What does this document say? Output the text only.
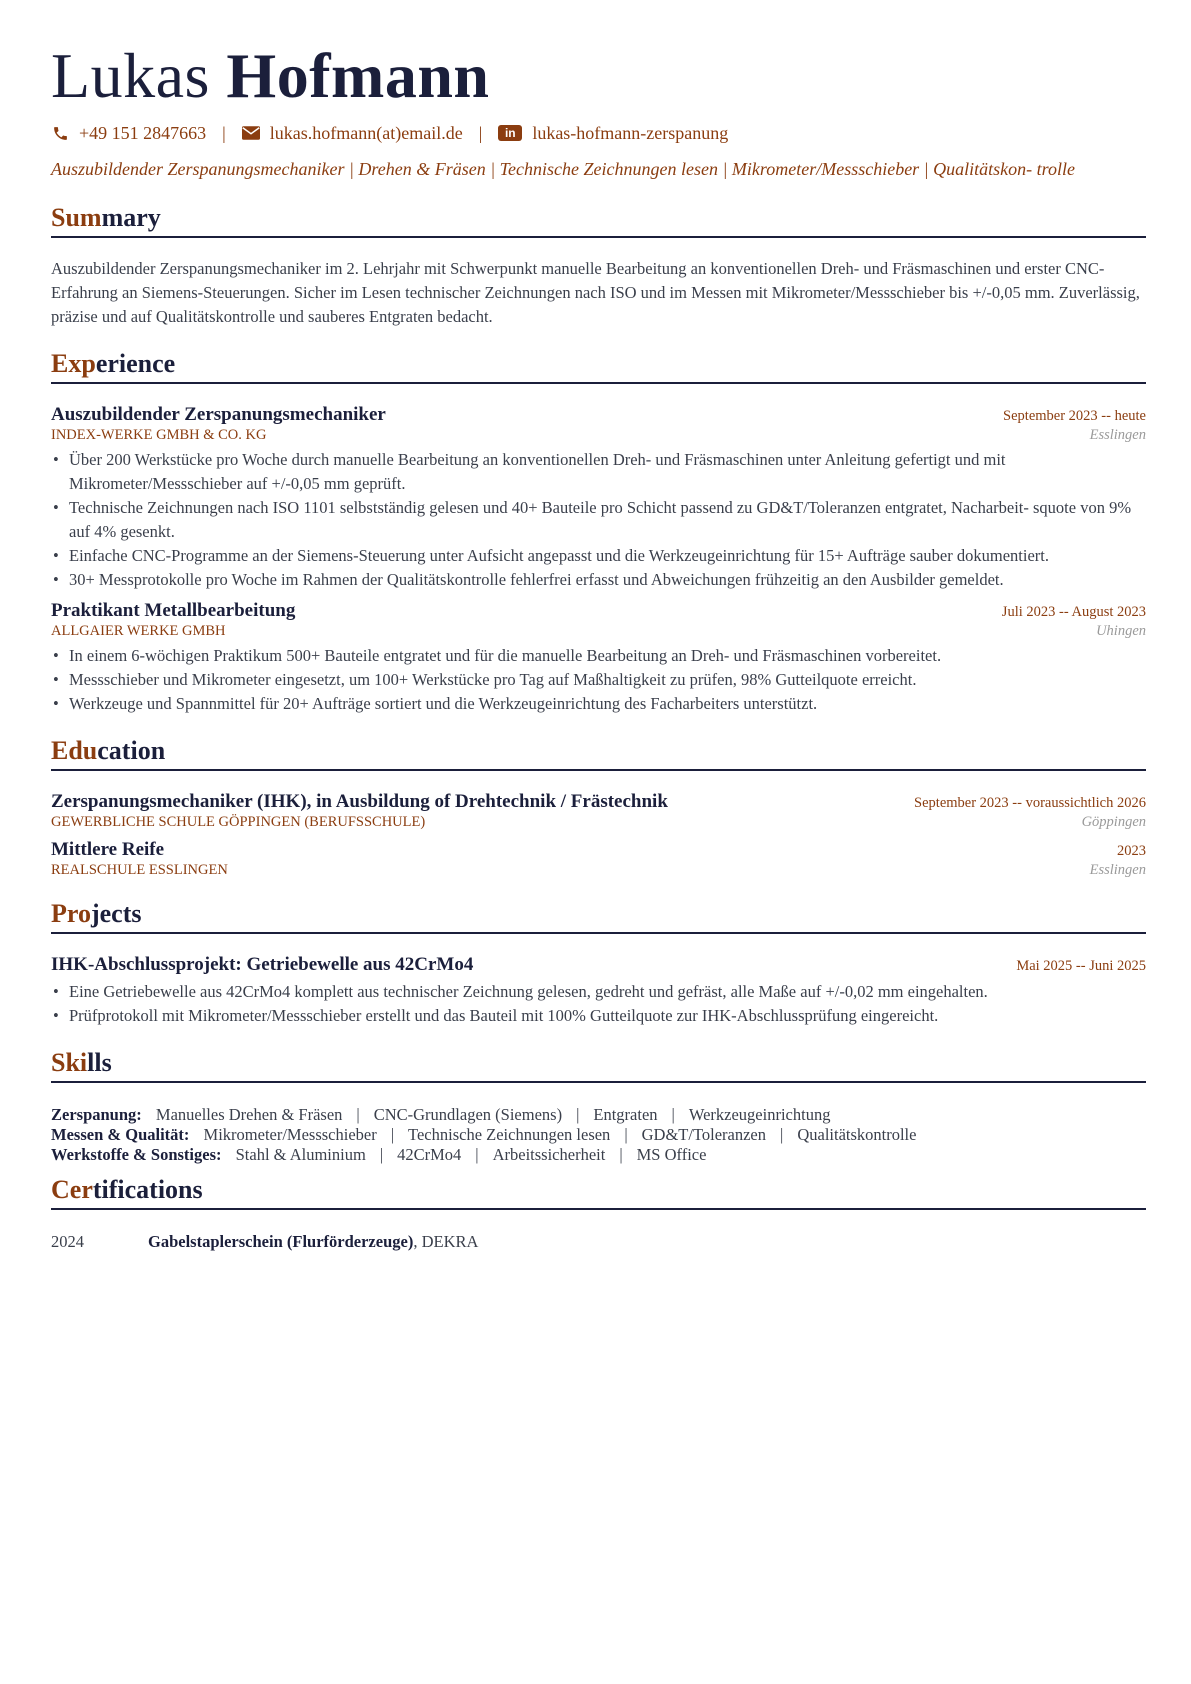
Lukas Hofmann
+49 151 2847663 | lukas.hofmann(at)email.de |	in lukas-hofmann-zerspanung
Auszubildender Zerspanungsmechaniker | Drehen & Fräsen | Technische Zeichnungen lesen | Mikrometer/Messschieber | Qualitätskon- trolle
Summary
Auszubildender Zerspanungsmechaniker im 2. Lehrjahr mit Schwerpunkt manuelle Bearbeitung an konventionellen Dreh- und Fräsmaschinen und erster CNC-Erfahrung an Siemens-Steuerungen. Sicher im Lesen technischer Zeichnungen nach ISO und im Messen mit Mikrometer/Messschieber bis +/-0,05 mm. Zuverlässig, präzise und auf Qualitätskontrolle und sauberes Entgraten bedacht.
Experience
Auszubildender Zerspanungsmechaniker	September 2023 -- heute
INDEX-WERKE GMBH & CO. KG	Esslingen
• Über 200 Werkstücke pro Woche durch manuelle Bearbeitung an konventionellen Dreh- und Fräsmaschinen unter Anleitung gefertigt und mit Mikrometer/Messschieber auf +/-0,05 mm geprüft.
• Technische Zeichnungen nach ISO 1101 selbstständig gelesen und 40+ Bauteile pro Schicht passend zu GD&T/Toleranzen entgratet, Nacharbeit- squote von 9% auf 4% gesenkt.
• Einfache CNC-Programme an der Siemens-Steuerung unter Aufsicht angepasst und die Werkzeugeinrichtung für 15+ Aufträge sauber dokumentiert.
• 30+ Messprotokolle pro Woche im Rahmen der Qualitätskontrolle fehlerfrei erfasst und Abweichungen frühzeitig an den Ausbilder gemeldet.
Praktikant Metallbearbeitung	Juli 2023 -- August 2023
ALLGAIER WERKE GMBH	Uhingen
• In einem 6-wöchigen Praktikum 500+ Bauteile entgratet und für die manuelle Bearbeitung an Dreh- und Fräsmaschinen vorbereitet.
• Messschieber und Mikrometer eingesetzt, um 100+ Werkstücke pro Tag auf Maßhaltigkeit zu prüfen, 98% Gutteilquote erreicht.
• Werkzeuge und Spannmittel für 20+ Aufträge sortiert und die Werkzeugeinrichtung des Facharbeiters unterstützt.
Education
Zerspanungsmechaniker (IHK), in Ausbildung of Drehtechnik / Frästechnik	September 2023 -- voraussichtlich 2026
GEWERBLICHE SCHULE GÖPPINGEN (BERUFSSCHULE)	Göppingen
Mittlere Reife	2023
REALSCHULE ESSLINGEN	Esslingen
Projects
IHK-Abschlussprojekt: Getriebewelle aus 42CrMo4	Mai 2025 -- Juni 2025
• Eine Getriebewelle aus 42CrMo4 komplett aus technischer Zeichnung gelesen, gedreht und gefräst, alle Maße auf +/-0,02 mm eingehalten.
• Prüfprotokoll mit Mikrometer/Messschieber erstellt und das Bauteil mit 100% Gutteilquote zur IHK-Abschlussprüfung eingereicht.
Skills
Zerspanung: Manuelles Drehen & Fräsen | CNC-Grundlagen (Siemens) | Entgraten | Werkzeugeinrichtung
Messen & Qualität: Mikrometer/Messschieber | Technische Zeichnungen lesen | GD&T/Toleranzen | Qualitätskontrolle
Werkstoffe & Sonstiges: Stahl & Aluminium | 42CrMo4 | Arbeitssicherheit | MS Office
Certifications
2024	Gabelstaplerschein (Flurförderzeuge), DEKRA
